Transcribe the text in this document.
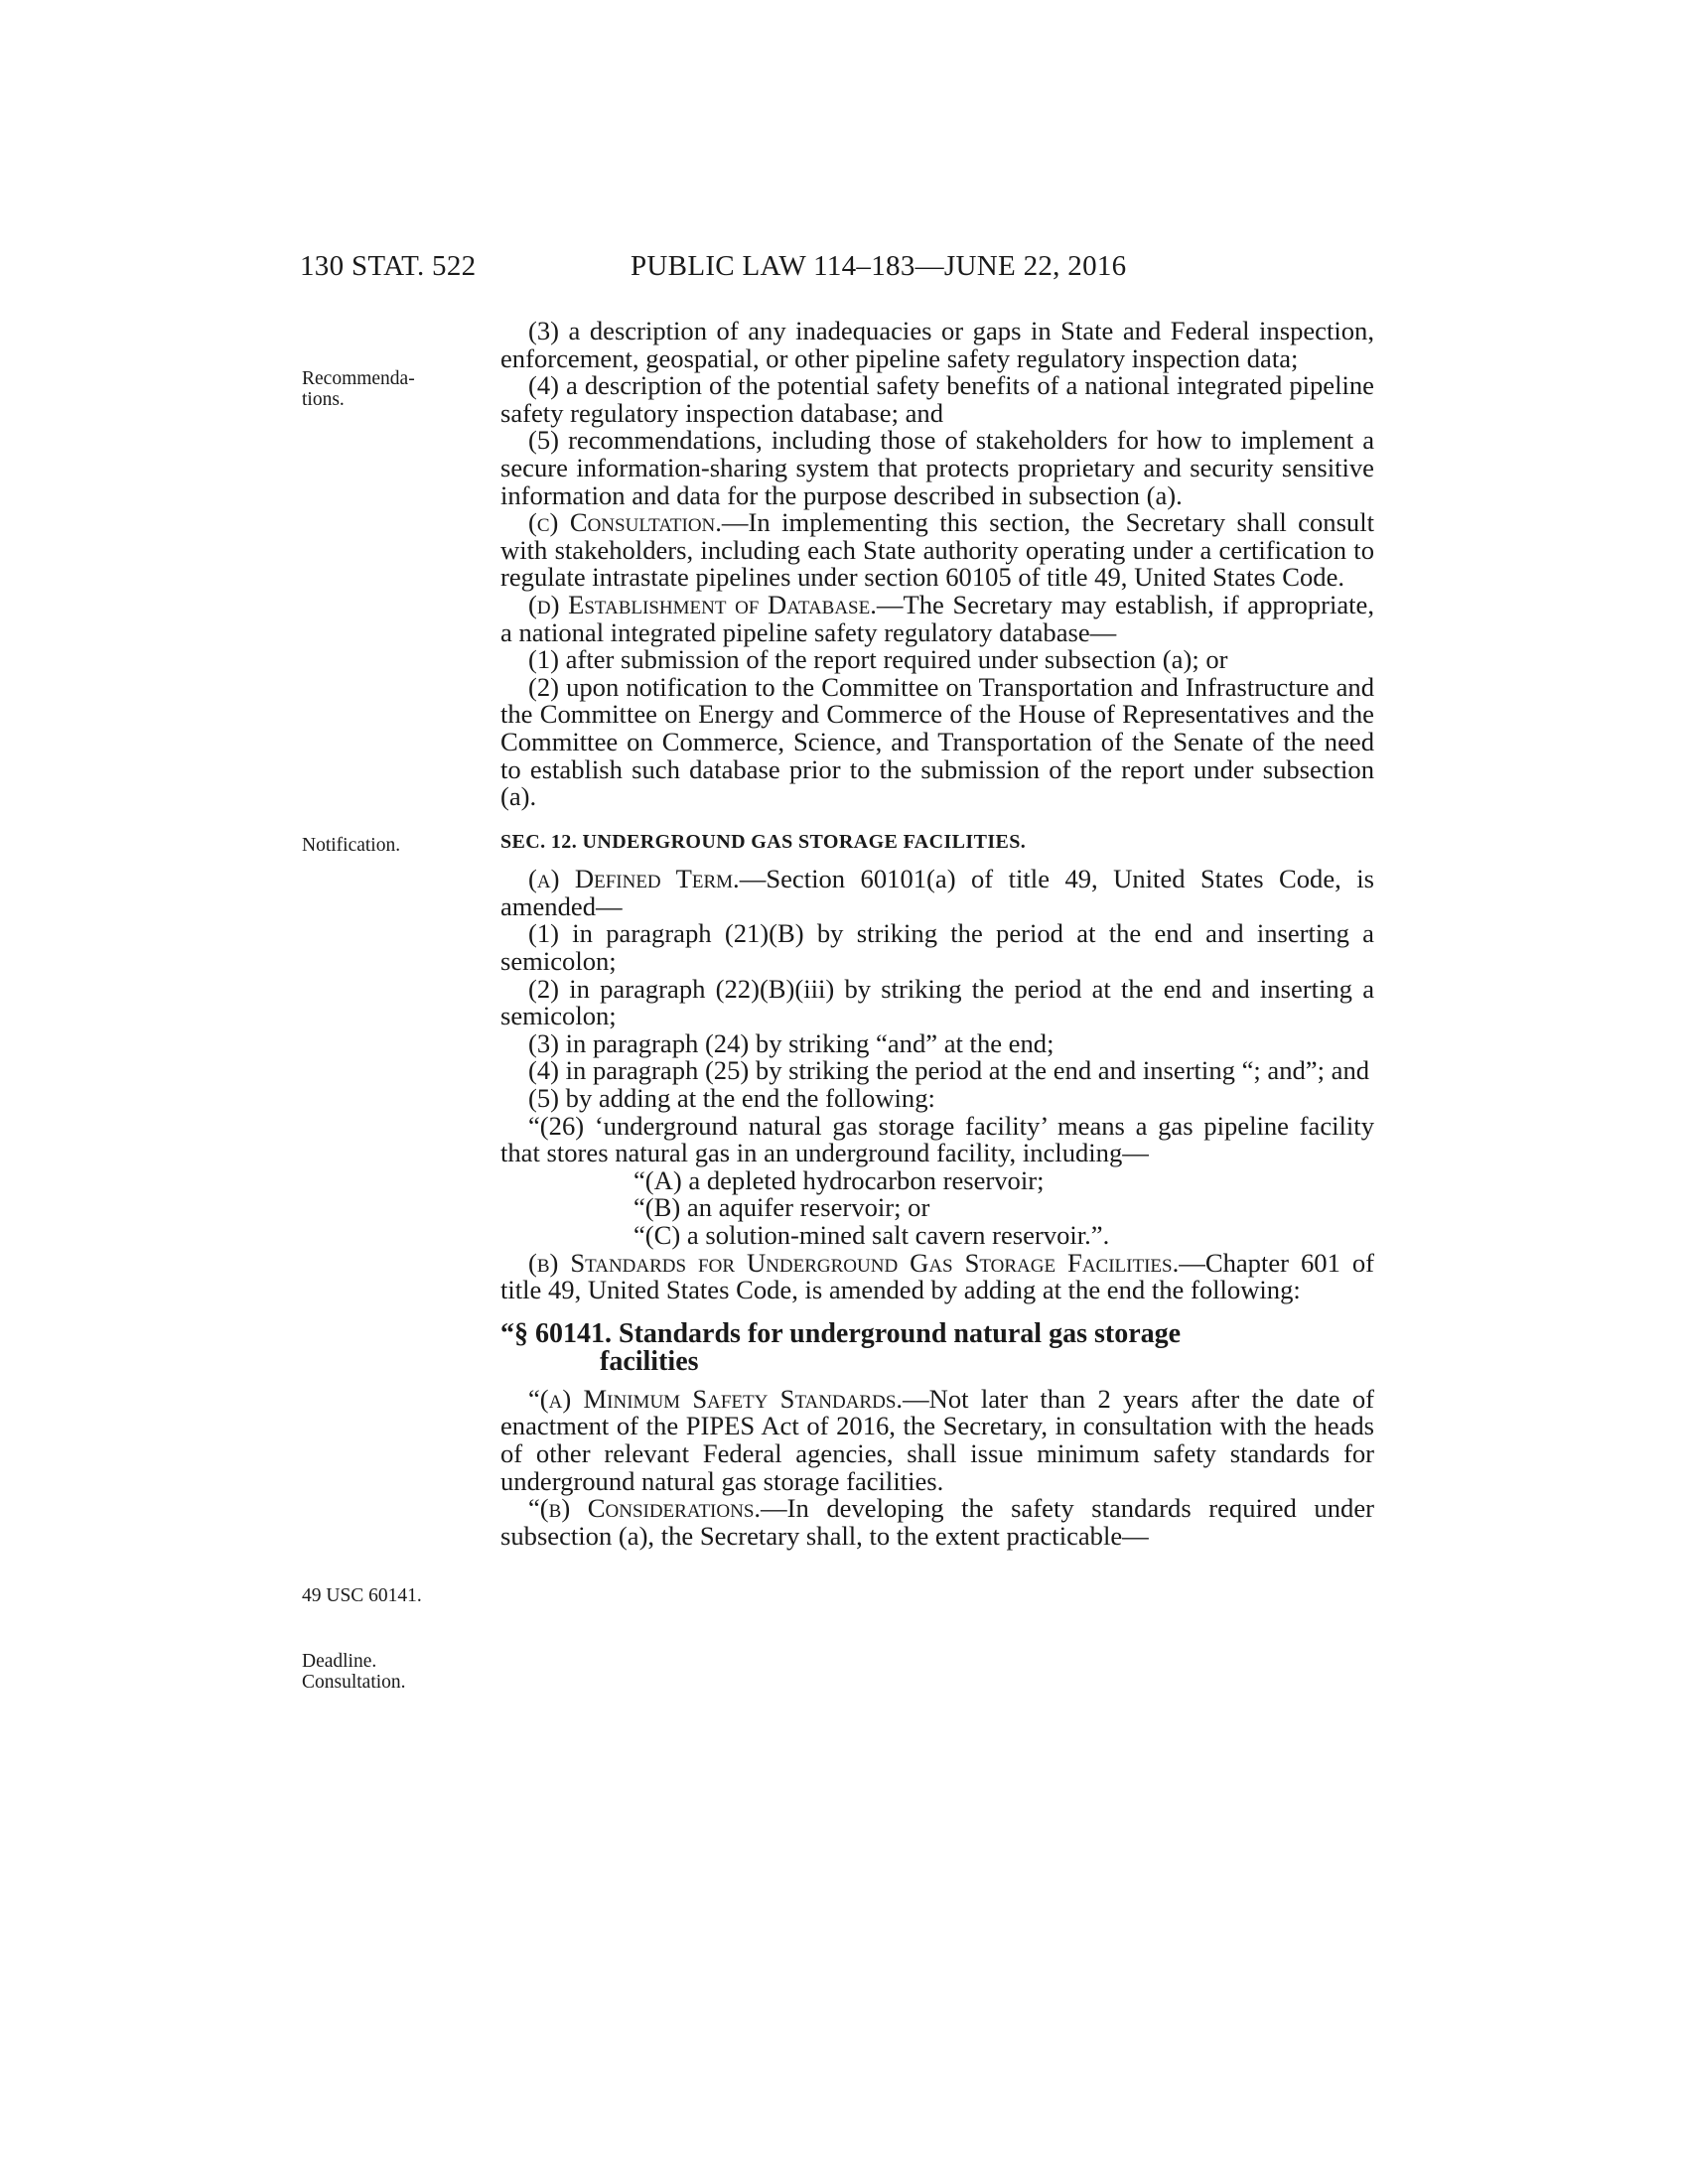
130 STAT. 522	PUBLIC LAW 114–183—JUNE 22, 2016
Recommenda-
tions.
Notification.
49 USC 60141.
Deadline.
Consultation.

(3) a description of any inadequacies or gaps in State and Federal inspection, enforcement, geospatial, or other pipeline safety regulatory inspection data;

(4) a description of the potential safety benefits of a national integrated pipeline safety regulatory inspection database; and

(5) recommendations, including those of stakeholders for how to implement a secure information-sharing system that protects proprietary and security sensitive information and data for the purpose described in subsection (a).

(c) Consultation.—In implementing this section, the Secretary shall consult with stakeholders, including each State authority operating under a certification to regulate intrastate pipelines under section 60105 of title 49, United States Code.

(d) Establishment of Database.—The Secretary may establish, if appropriate, a national integrated pipeline safety regulatory database—

(1) after submission of the report required under subsection (a); or

(2) upon notification to the Committee on Transportation and Infrastructure and the Committee on Energy and Commerce of the House of Representatives and the Committee on Commerce, Science, and Transportation of the Senate of the need to establish such database prior to the submission of the report under subsection (a).

SEC. 12. UNDERGROUND GAS STORAGE FACILITIES.

(a) Defined Term.—Section 60101(a) of title 49, United States Code, is amended—

(1) in paragraph (21)(B) by striking the period at the end and inserting a semicolon;

(2) in paragraph (22)(B)(iii) by striking the period at the end and inserting a semicolon;

(3) in paragraph (24) by striking “and” at the end;

(4) in paragraph (25) by striking the period at the end and inserting “; and”; and

(5) by adding at the end the following:

“(26) ‘underground natural gas storage facility’ means a gas pipeline facility that stores natural gas in an underground facility, including—

“(A) a depleted hydrocarbon reservoir;

“(B) an aquifer reservoir; or

“(C) a solution-mined salt cavern reservoir.”.

(b) Standards for Underground Gas Storage Facilities.—Chapter 601 of title 49, United States Code, is amended by adding at the end the following:

“§ 60141. Standards for underground natural gas storage
facilities

“(a) Minimum Safety Standards.—Not later than 2 years after the date of enactment of the PIPES Act of 2016, the Secretary, in consultation with the heads of other relevant Federal agencies, shall issue minimum safety standards for underground natural gas storage facilities.

“(b) Considerations.—In developing the safety standards required under subsection (a), the Secretary shall, to the extent practicable—
